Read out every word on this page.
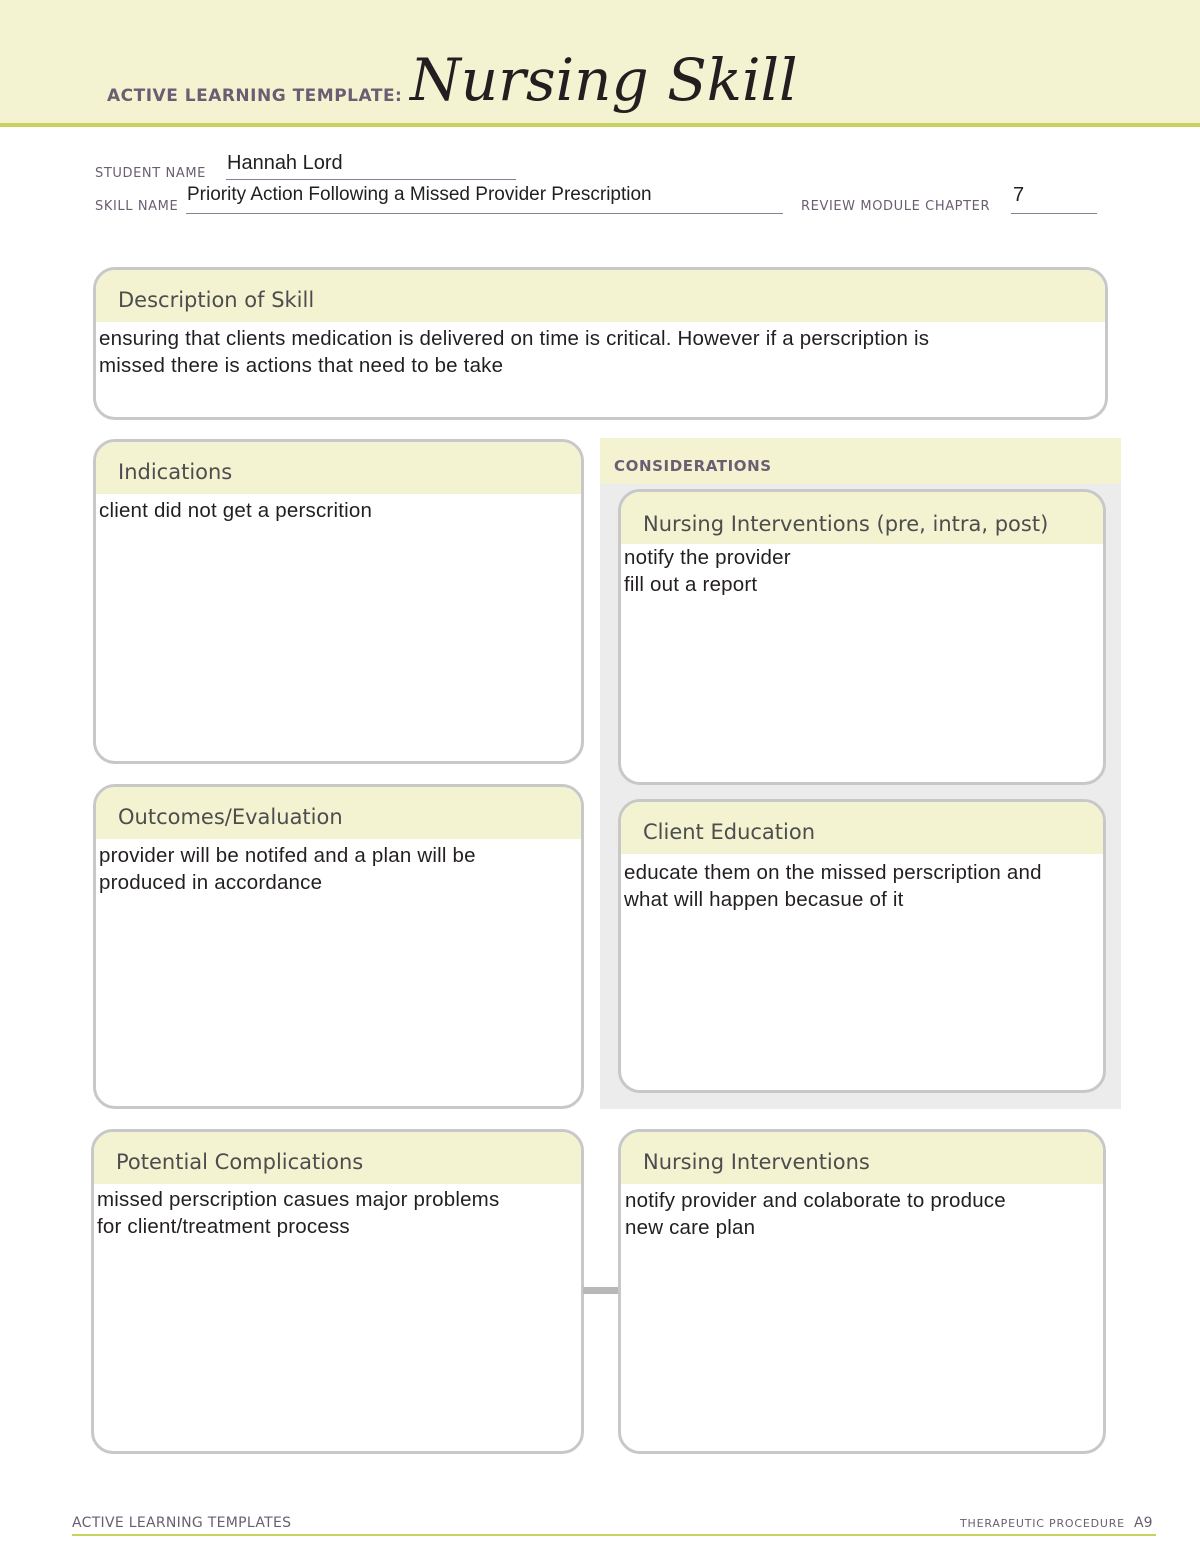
ACTIVE LEARNING TEMPLATE: Nursing Skill
STUDENT NAME Hannah Lord
SKILL NAME
Priority Action Following a Missed Provider Prescription
REVIEW MODULE CHAPTER
7
Description of Skill
ensuring that clients medication is delivered on time is critical. However if a perscription is
missed there is actions that need to be take
Indications
client did not get a perscrition
CONSIDERATIONS
Nursing Interventions (pre, intra, post)
notify the provider
fill out a report
Client Education
educate them on the missed perscription and
what will happen becasue of it
Outcomes/Evaluation
provider will be notifed and a plan will be
produced in accordance
Potential Complications
missed perscription casues major problems
for client/treatment process
Nursing Interventions
notify provider and colaborate to produce
new care plan
ACTIVE LEARNING TEMPLATES	THERAPEUTIC PROCEDURE A9
